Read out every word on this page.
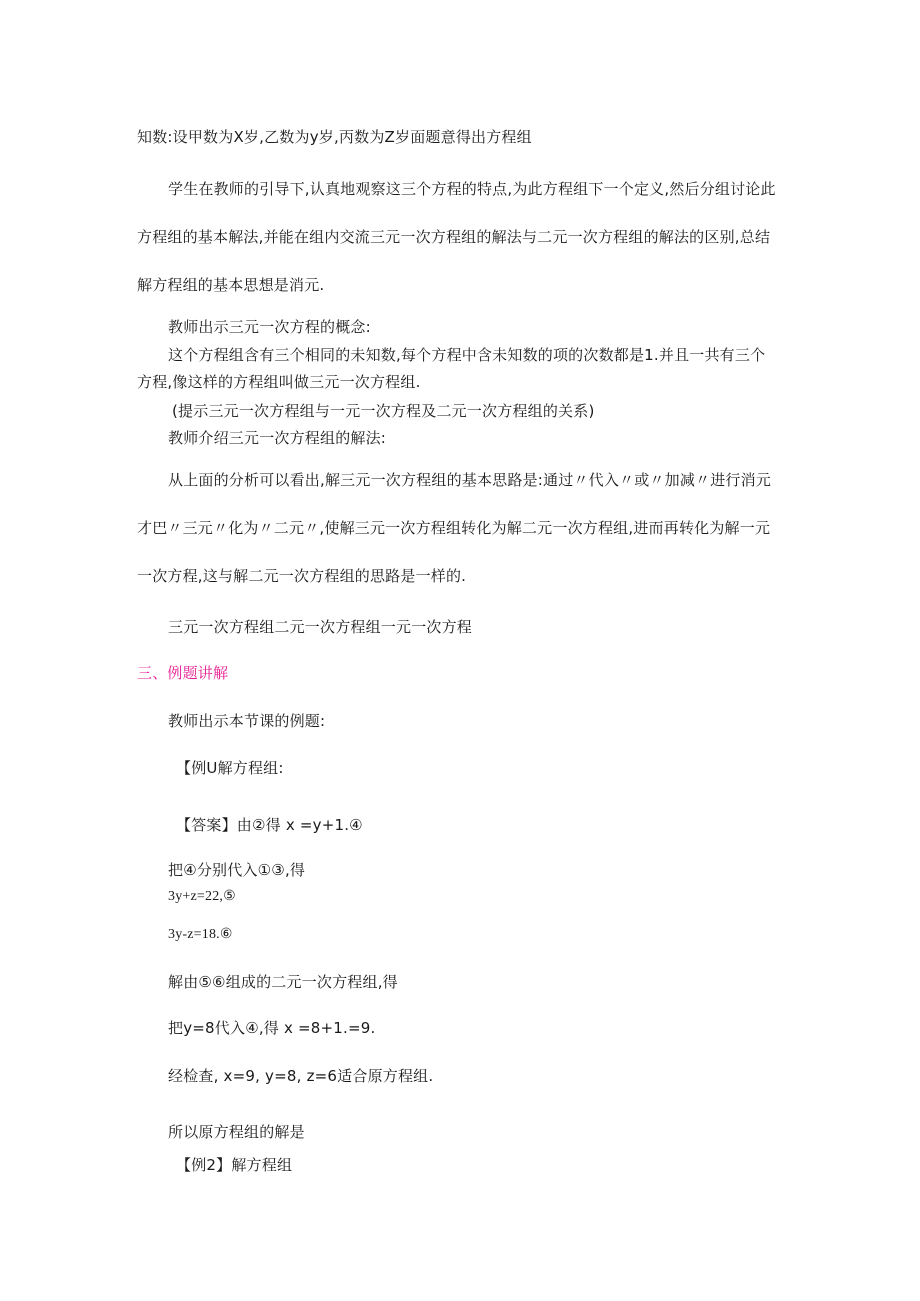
知数:设甲数为X岁,乙数为y岁,丙数为Z岁面题意得出方程组
学生在教师的引导下,认真地观察这三个方程的特点,为此方程组下一个定义,然后分组讨论此
方程组的基本解法,并能在组内交流三元一次方程组的解法与二元一次方程组的解法的区别,总结
解方程组的基本思想是消元.
教师出示三元一次方程的概念:
这个方程组含有三个相同的未知数,每个方程中含未知数的项的次数都是1.并且一共有三个
方程,像这样的方程组叫做三元一次方程组.
(提示三元一次方程组与一元一次方程及二元一次方程组的关系)
教师介绍三元一次方程组的解法:
从上面的分析可以看出,解三元一次方程组的基本思路是:通过〃代入〃或〃加减〃进行消元
才巴〃三元〃化为〃二元〃,使解三元一次方程组转化为解二元一次方程组,进而再转化为解一元
一次方程,这与解二元一次方程组的思路是一样的.
三元一次方程组二元一次方程组一元一次方程
三、例题讲解
教师出示本节课的例题:
【例U解方程组:
【答案】由②得 x =y+1.④
把④分别代入①③,得
3y+z=22,⑤
3y-z=18.⑥
解由⑤⑥组成的二元一次方程组,得
把y=8代入④,得 x =8+1.=9.
经检查, x=9, y=8, z=6适合原方程组.
所以原方程组的解是
【例2】解方程组
